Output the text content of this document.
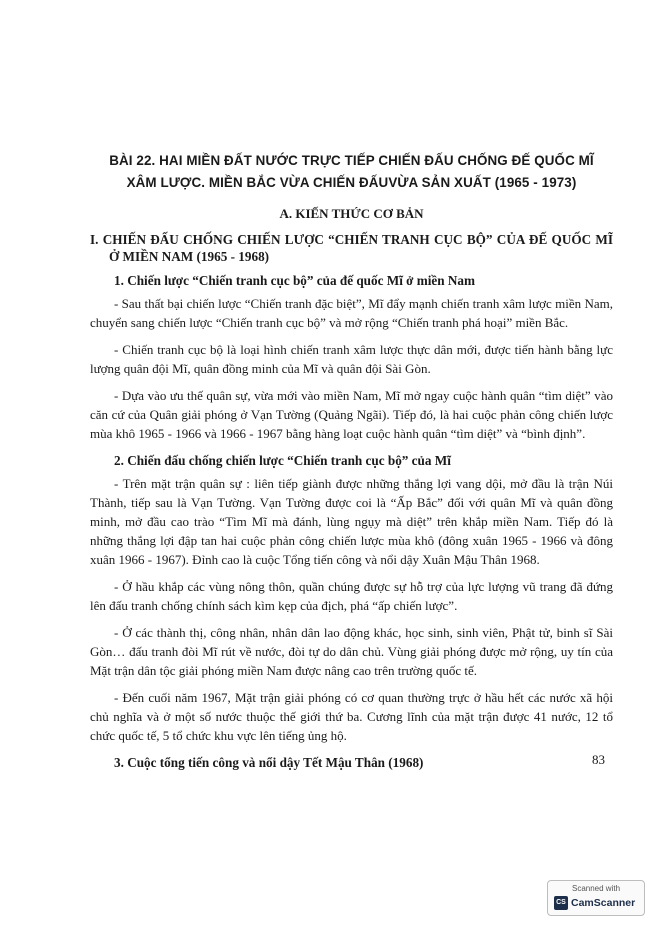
BÀI 22. HAI MIỀN ĐẤT NƯỚC TRỰC TIẾP CHIẾN ĐẤU CHỐNG ĐẾ QUỐC MĨ
XÂM LƯỢC. MIỀN BẮC VỪA CHIẾN ĐẤUVỪA SẢN XUẤT (1965 - 1973)
A. KIẾN THỨC CƠ BẢN
I. CHIẾN ĐẤU CHỐNG CHIẾN LƯỢC “CHIẾN TRANH CỤC BỘ” CỦA ĐẾ QUỐC MĨ Ở MIỀN NAM (1965 - 1968)
1. Chiến lược “Chiến tranh cục bộ” của đế quốc Mĩ ở miền Nam

- Sau thất bại chiến lược “Chiến tranh đặc biệt”, Mĩ đẩy mạnh chiến tranh xâm lược miền Nam, chuyển sang chiến lược “Chiến tranh cục bộ” và mở rộng “Chiến tranh phá hoại” miền Bắc.

- Chiến tranh cục bộ là loại hình chiến tranh xâm lược thực dân mới, được tiến hành bằng lực lượng quân đội Mĩ, quân đồng minh của Mĩ và quân đội Sài Gòn.

- Dựa vào ưu thế quân sự, vừa mới vào miền Nam, Mĩ mở ngay cuộc hành quân “tìm diệt” vào căn cứ của Quân giải phóng ở Vạn Tường (Quảng Ngãi). Tiếp đó, là hai cuộc phản công chiến lược mùa khô 1965 - 1966 và 1966 - 1967 bằng hàng loạt cuộc hành quân “tìm diệt” và “bình định”.

2. Chiến đấu chống chiến lược “Chiến tranh cục bộ” của Mĩ

- Trên mặt trận quân sự : liên tiếp giành được những thắng lợi vang dội, mở đầu là trận Núi Thành, tiếp sau là Vạn Tường. Vạn Tường được coi là “Ấp Bắc” đối với quân Mĩ và quân đồng minh, mở đầu cao trào “Tìm Mĩ mà đánh, lùng ngụy mà diệt” trên khắp miền Nam. Tiếp đó là những thắng lợi đập tan hai cuộc phản công chiến lược mùa khô (đông xuân 1965 - 1966 và đông xuân 1966 - 1967). Đỉnh cao là cuộc Tổng tiến công và nổi dậy Xuân Mậu Thân 1968.

- Ở hầu khắp các vùng nông thôn, quần chúng được sự hỗ trợ của lực lượng vũ trang đã đứng lên đấu tranh chống chính sách kìm kẹp của địch, phá “ấp chiến lược”.

- Ở các thành thị, công nhân, nhân dân lao động khác, học sinh, sinh viên, Phật tử, binh sĩ Sài Gòn… đấu tranh đòi Mĩ rút về nước, đòi tự do dân chủ. Vùng giải phóng được mở rộng, uy tín của Mặt trận dân tộc giải phóng miền Nam được nâng cao trên trường quốc tế.

- Đến cuối năm 1967, Mặt trận giải phóng có cơ quan thường trực ở hầu hết các nước xã hội chủ nghĩa và ở một số nước thuộc thế giới thứ ba. Cương lĩnh của mặt trận được 41 nước, 12 tổ chức quốc tế, 5 tổ chức khu vực lên tiếng ủng hộ.

3. Cuộc tổng tiến công và nổi dậy Tết Mậu Thân (1968)	83
Scanned with
CS CamScanner
